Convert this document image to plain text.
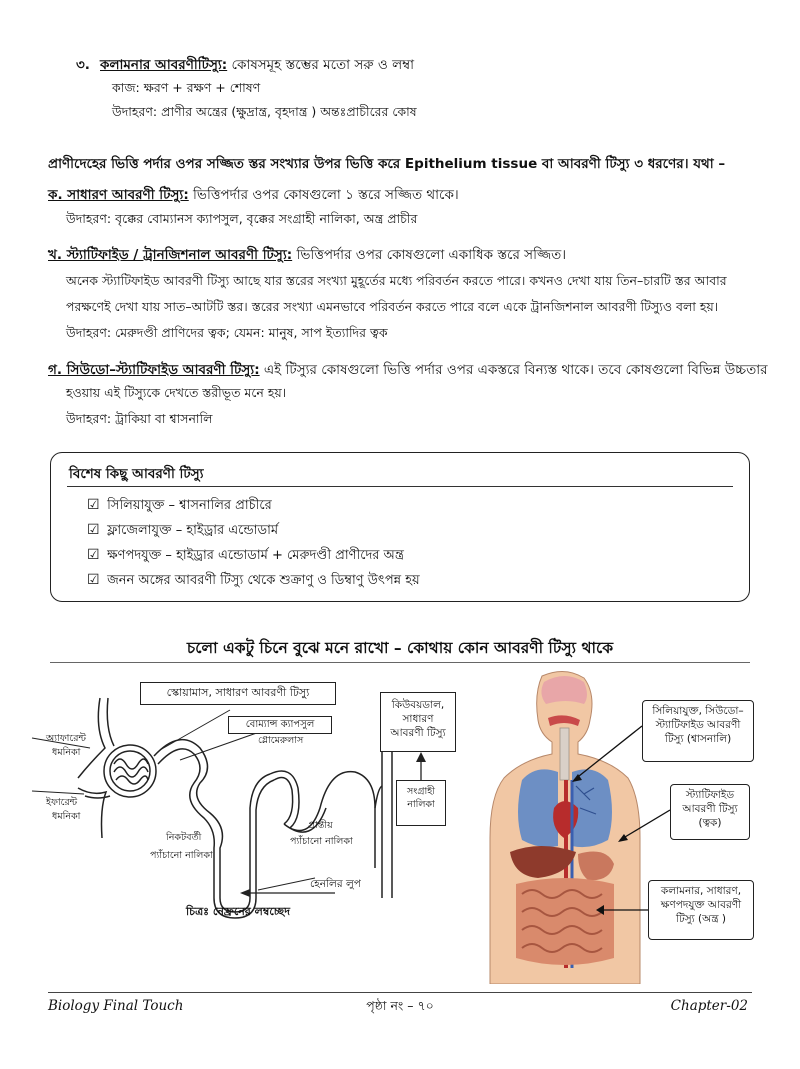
৩. কলামনার আবরণীটিস্যু: কোষসমূহ স্তম্ভের মতো সরু ও লম্বা
কাজ: ক্ষরণ + রক্ষণ + শোষণ
উদাহরণ: প্রাণীর অন্ত্রের (ক্ষুদ্রান্ত্র, বৃহদান্ত্র ) অন্তঃপ্রাচীরের কোষ
প্রাণীদেহের ভিত্তি পর্দার ওপর সজ্জিত স্তর সংখ্যার উপর ভিত্তি করে Epithelium tissue বা আবরণী টিস্যু ৩ ধরণের। যথা –
ক. সাধারণ আবরণী টিস্যু: ভিত্তিপর্দার ওপর কোষগুলো ১ স্তরে সজ্জিত থাকে।
উদাহরণ: বৃক্কের বোম্যানস ক্যাপসুল, বৃক্কের সংগ্রাহী নালিকা, অন্ত্র প্রাচীর
খ. স্ট্যাটিফাইড / ট্রানজিশনাল আবরণী টিস্যু: ভিত্তিপর্দার ওপর কোষগুলো একাধিক স্তরে সজ্জিত।
অনেক স্ট্যাটিফাইড আবরণী টিস্যু আছে যার স্তরের সংখ্যা মুহূর্তের মধ্যে পরিবর্তন করতে পারে। কখনও দেখা যায় তিন–চারটি স্তর আবার
পরক্ষণেই দেখা যায় সাত–আটটি স্তর। স্তরের সংখ্যা এমনভাবে পরিবর্তন করতে পারে বলে একে ট্রানজিশনাল আবরণী টিস্যুও বলা হয়।
উদাহরণ: মেরুদণ্ডী প্রাণিদের ত্বক; যেমন: মানুষ, সাপ ইত্যাদির ত্বক
গ. সিউডো–স্ট্যাটিফাইড আবরণী টিস্যু: এই টিস্যুর কোষগুলো ভিত্তি পর্দার ওপর একস্তরে বিন্যস্ত থাকে। তবে কোষগুলো বিভিন্ন উচ্চতার
হওয়ায় এই টিস্যুকে দেখতে স্তরীভূত মনে হয়।
উদাহরণ: ট্রাকিয়া বা শ্বাসনালি
বিশেষ কিছু আবরণী টিস্যু
☑ সিলিয়াযুক্ত – শ্বাসনালির প্রাচীরে
☑ ফ্লাজেলাযুক্ত – হাইড্রার এন্ডোডার্ম
☑ ক্ষণপদযুক্ত – হাইড্রার এন্ডোডার্ম + মেরুদণ্ডী প্রাণীদের অন্ত্র
☑ জনন অঙ্গের আবরণী টিস্যু থেকে শুক্রাণু ও ডিম্বাণু উৎপন্ন হয়
চলো একটু চিনে বুঝে মনে রাখো – কোথায় কোন আবরণী টিস্যু থাকে
স্কোয়ামাস, সাধারণ আবরণী টিস্যু
বোম্যান্স ক্যাপসুল
গ্লোমেরুলাস
অ্যাফারেন্ট
ধমনিকা
ইফারেন্ট
ধমনিকা
নিকটবর্তী
প্যাঁচানো নালিকা
প্রান্তীয়
প্যাঁচানো নালিকা
সংগ্রাহী
নালিকা
কিউবয়ডাল,
সাধারণ
আবরণী টিস্যু
হেনলির লুপ
চিত্রঃ নেফ্রনের লম্বচ্ছেদ
সিলিয়াযুক্ত, সিউডো–
স্ট্যাটিফাইড আবরণী
টিস্যু (শ্বাসনালি)
স্ট্যাটিফাইড
আবরণী টিস্যু
(ত্বক)
কলামনার, সাধারণ,
ক্ষণপদযুক্ত আবরণী
টিস্যু (অন্ত্র )
Biology Final Touch	পৃষ্ঠা নং – ৭০	Chapter-02
